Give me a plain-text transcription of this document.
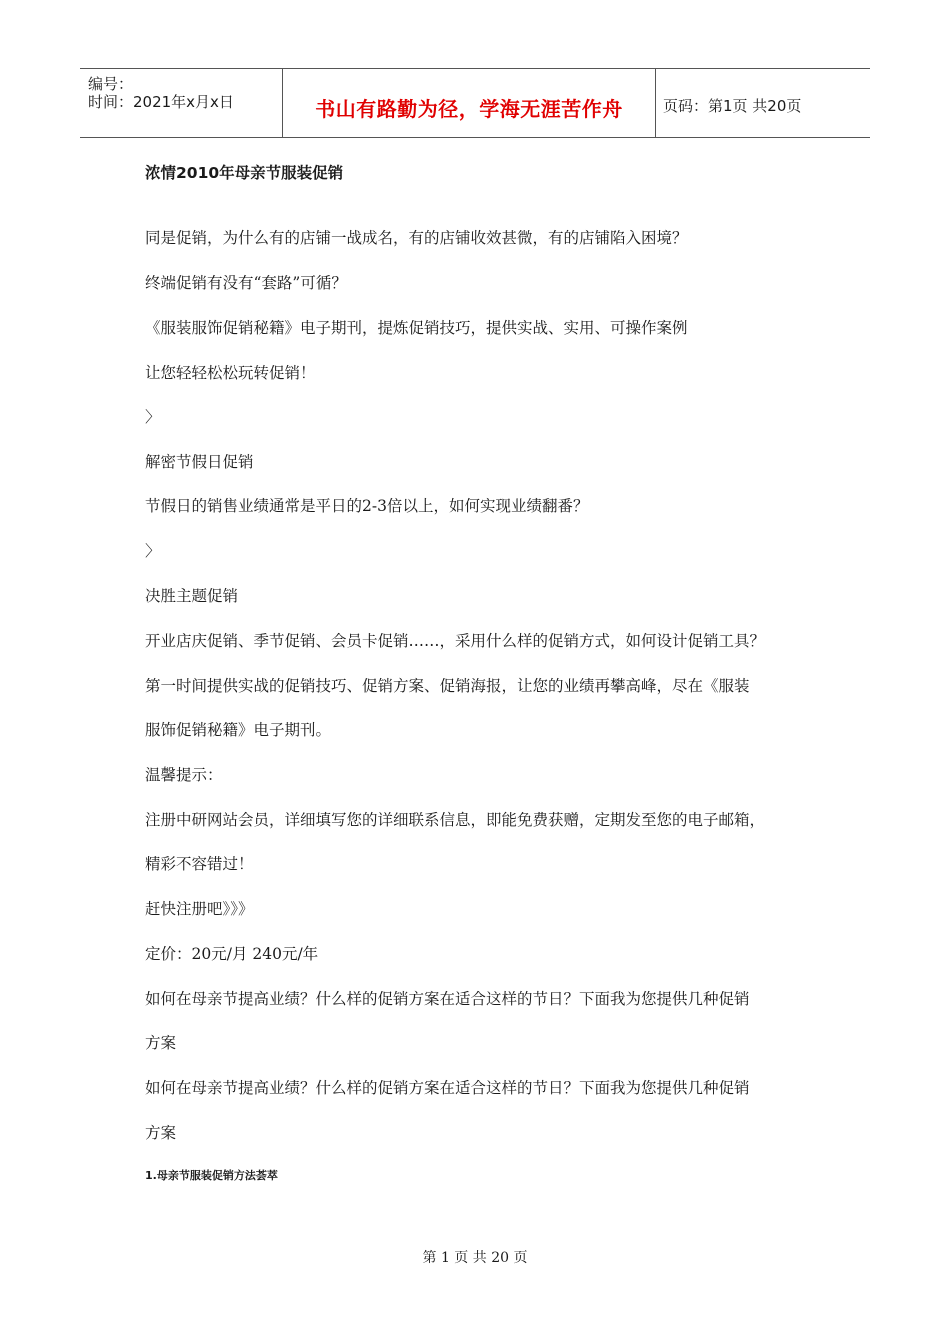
编号：
时间：2021年x月x日	书山有路勤为径，学海无涯苦作舟	页码：第1页 共20页
浓情2010年母亲节服装促销
同是促销，为什么有的店铺一战成名，有的店铺收效甚微，有的店铺陷入困境？
终端促销有没有“套路”可循？
《服装服饰促销秘籍》电子期刊，提炼促销技巧，提供实战、实用、可操作案例
让您轻轻松松玩转促销！
〉
解密节假日促销
节假日的销售业绩通常是平日的2-3倍以上，如何实现业绩翻番？
〉
决胜主题促销
开业店庆促销、季节促销、会员卡促销……，采用什么样的促销方式，如何设计促销工具？
第一时间提供实战的促销技巧、促销方案、促销海报，让您的业绩再攀高峰，尽在《服装
服饰促销秘籍》电子期刊。
温馨提示：
注册中研网站会员，详细填写您的详细联系信息，即能免费获赠，定期发至您的电子邮箱，
精彩不容错过！
赶快注册吧》》》
定价：20元/月 240元/年
如何在母亲节提高业绩？什么样的促销方案在适合这样的节日？下面我为您提供几种促销
方案
如何在母亲节提高业绩？什么样的促销方案在适合这样的节日？下面我为您提供几种促销
方案
1.母亲节服装促销方法荟萃
第 1 页 共 20 页
